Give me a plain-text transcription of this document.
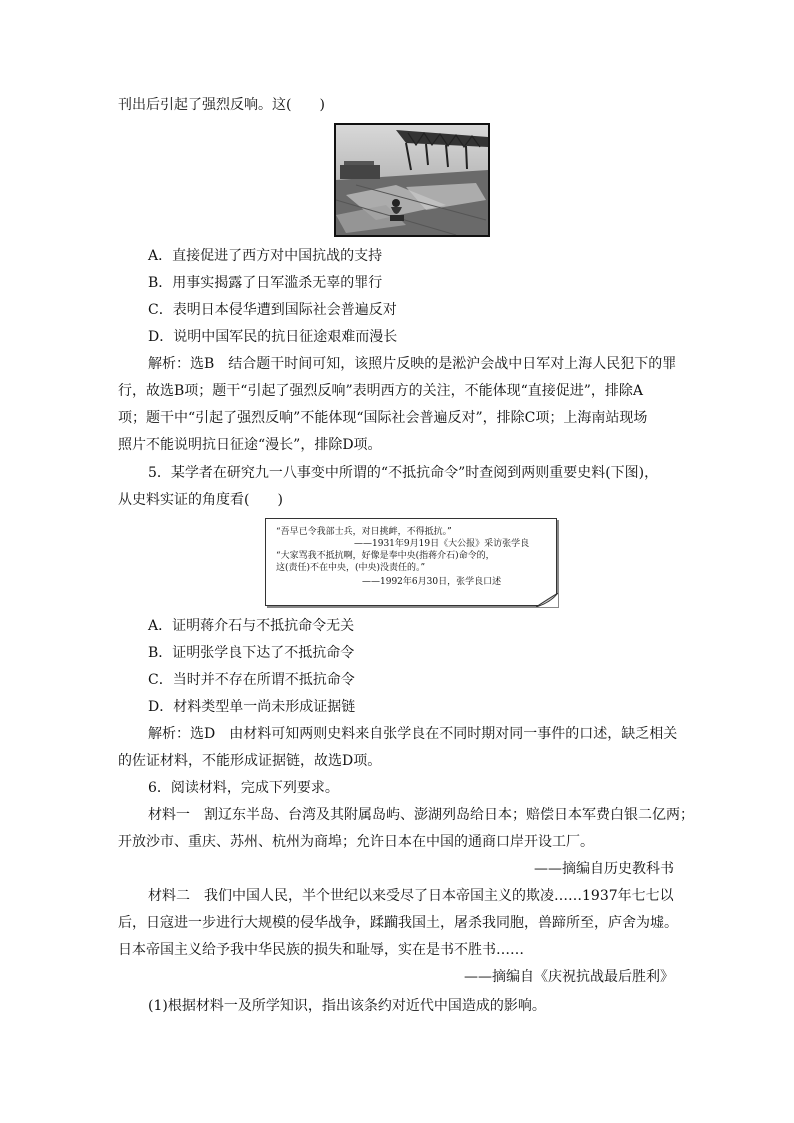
刊出后引起了强烈反响。这(　　)
A．直接促进了西方对中国抗战的支持
B．用事实揭露了日军滥杀无辜的罪行
C．表明日本侵华遭到国际社会普遍反对
D．说明中国军民的抗日征途艰难而漫长
解析：选B　结合题干时间可知，该照片反映的是淞沪会战中日军对上海人民犯下的罪
行，故选B项；题干“引起了强烈反响”表明西方的关注，不能体现“直接促进”，排除A
项；题干中“引起了强烈反响”不能体现“国际社会普遍反对”，排除C项；上海南站现场
照片不能说明抗日征途“漫长”，排除D项。
5．某学者在研究九一八事变中所谓的“不抵抗命令”时查阅到两则重要史料(下图)，
从史料实证的角度看(　　)
“吾早已令我部士兵，对日挑衅，不得抵抗。”
——1931年9月19日《大公报》采访张学良
“大家骂我不抵抗啊，好像是奉中央(指蒋介石)命令的，
这(责任)不在中央，(中央)没责任的。”
——1992年6月30日，张学良口述
A．证明蒋介石与不抵抗命令无关
B．证明张学良下达了不抵抗命令
C．当时并不存在所谓不抵抗命令
D．材料类型单一尚未形成证据链
解析：选D　由材料可知两则史料来自张学良在不同时期对同一事件的口述，缺乏相关
的佐证材料，不能形成证据链，故选D项。
6．阅读材料，完成下列要求。
材料一　割辽东半岛、台湾及其附属岛屿、澎湖列岛给日本；赔偿日本军费白银二亿两；
开放沙市、重庆、苏州、杭州为商埠；允许日本在中国的通商口岸开设工厂。
——摘编自历史教科书
材料二　我们中国人民，半个世纪以来受尽了日本帝国主义的欺凌……1937年七七以
后，日寇进一步进行大规模的侵华战争，蹂躏我国土，屠杀我同胞，兽蹄所至，庐舍为墟。
日本帝国主义给予我中华民族的损失和耻辱，实在是书不胜书……
——摘编自《庆祝抗战最后胜利》
(1)根据材料一及所学知识，指出该条约对近代中国造成的影响。
